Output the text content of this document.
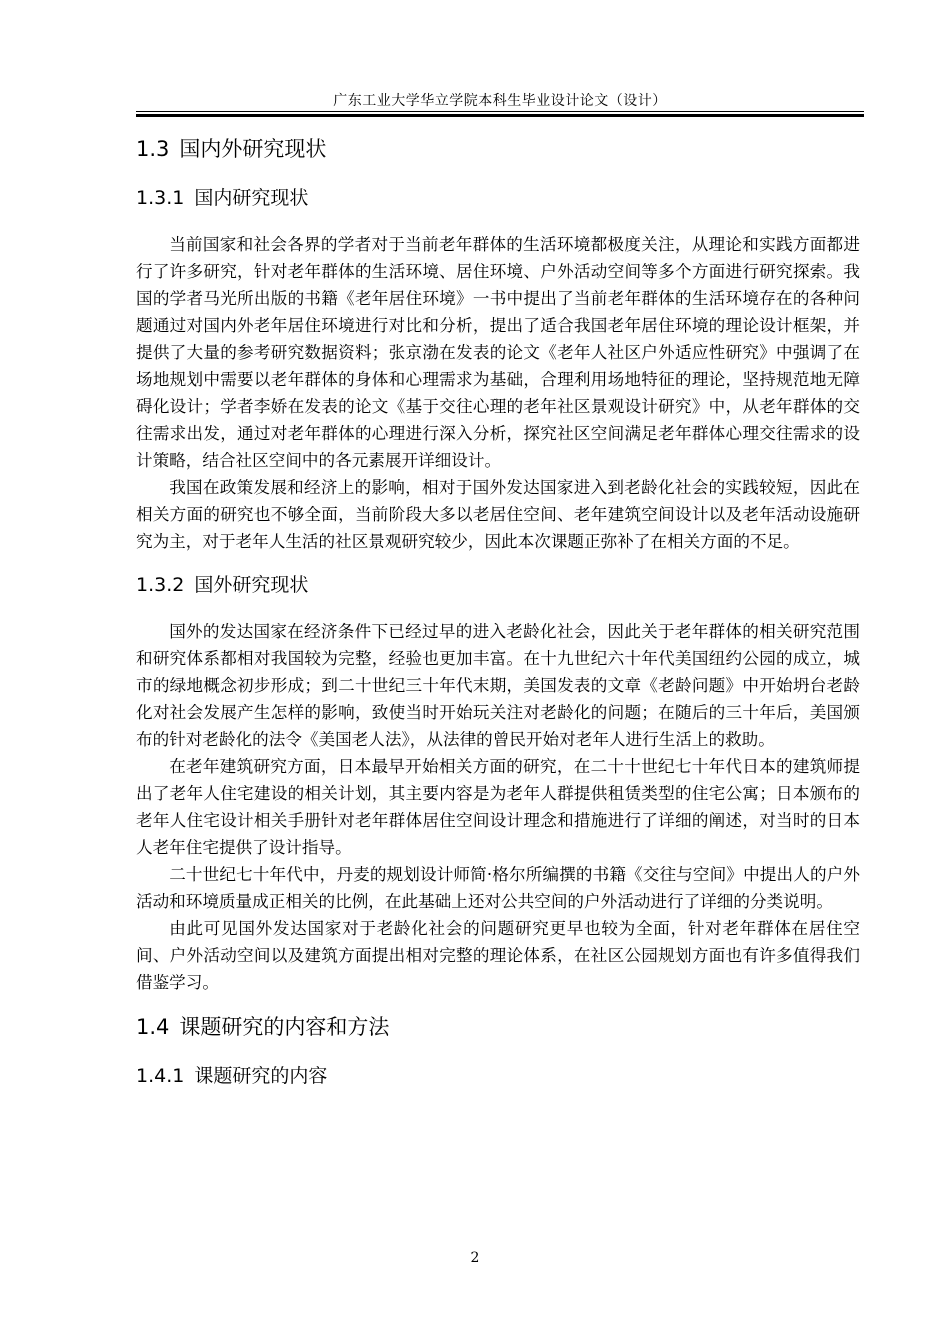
广东工业大学华立学院本科生毕业设计论文（设计）
1.3 国内外研究现状
1.3.1 国内研究现状

当前国家和社会各界的学者对于当前老年群体的生活环境都极度关注，从理论和实践方面都进行了许多研究，针对老年群体的生活环境、居住环境、户外活动空间等多个方面进行研究探索。我国的学者马光所出版的书籍《老年居住环境》一书中提出了当前老年群体的生活环境存在的各种问题通过对国内外老年居住环境进行对比和分析，提出了适合我国老年居住环境的理论设计框架，并提供了大量的参考研究数据资料；张京渤在发表的论文《老年人社区户外适应性研究》中强调了在场地规划中需要以老年群体的身体和心理需求为基础，合理利用场地特征的理论，坚持规范地无障碍化设计；学者李娇在发表的论文《基于交往心理的老年社区景观设计研究》中，从老年群体的交往需求出发，通过对老年群体的心理进行深入分析，探究社区空间满足老年群体心理交往需求的设计策略，结合社区空间中的各元素展开详细设计。

我国在政策发展和经济上的影响，相对于国外发达国家进入到老龄化社会的实践较短，因此在相关方面的研究也不够全面，当前阶段大多以老居住空间、老年建筑空间设计以及老年活动设施研究为主，对于老年人生活的社区景观研究较少，因此本次课题正弥补了在相关方面的不足。

1.3.2 国外研究现状

国外的发达国家在经济条件下已经过早的进入老龄化社会，因此关于老年群体的相关研究范围和研究体系都相对我国较为完整，经验也更加丰富。在十九世纪六十年代美国纽约公园的成立，城市的绿地概念初步形成；到二十世纪三十年代末期，美国发表的文章《老龄问题》中开始坍台老龄化对社会发展产生怎样的影响，致使当时开始玩关注对老龄化的问题；在随后的三十年后，美国颁布的针对老龄化的法令《美国老人法》，从法律的曾民开始对老年人进行生活上的救助。

在老年建筑研究方面，日本最早开始相关方面的研究，在二十十世纪七十年代日本的建筑师提出了老年人住宅建设的相关计划，其主要内容是为老年人群提供租赁类型的住宅公寓；日本颁布的老年人住宅设计相关手册针对老年群体居住空间设计理念和措施进行了详细的阐述，对当时的日本人老年住宅提供了设计指导。

二十世纪七十年代中，丹麦的规划设计师简·格尔所编撰的书籍《交往与空间》中提出人的户外活动和环境质量成正相关的比例，在此基础上还对公共空间的户外活动进行了详细的分类说明。

由此可见国外发达国家对于老龄化社会的问题研究更早也较为全面，针对老年群体在居住空间、户外活动空间以及建筑方面提出相对完整的理论体系，在社区公园规划方面也有许多值得我们借鉴学习。

1.4 课题研究的内容和方法
1.4.1 课题研究的内容
2
